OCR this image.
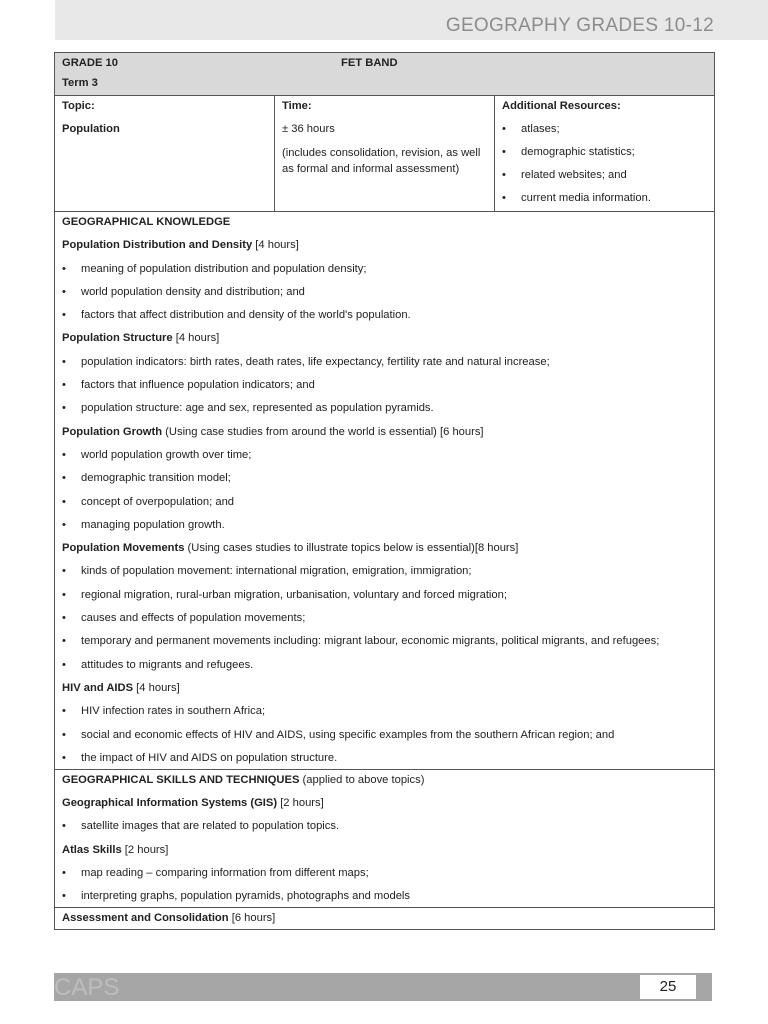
GEOGRAPHY GRADES 10-12
GRADE 10	FET BAND
Term 3

Topic:
Population

Time:
± 36 hours
(includes consolidation, revision, as well as formal and informal assessment)

Additional Resources:
• atlases;
• demographic statistics;
• related websites; and
• current media information.

GEOGRAPHICAL KNOWLEDGE
Population Distribution and Density [4 hours]
• meaning of population distribution and population density;
• world population density and distribution; and
• factors that affect distribution and density of the world's population.
Population Structure [4 hours]
• population indicators: birth rates, death rates, life expectancy, fertility rate and natural increase;
• factors that influence population indicators; and
• population structure: age and sex, represented as population pyramids.
Population Growth (Using case studies from around the world is essential) [6 hours]
• world population growth over time;
• demographic transition model;
• concept of overpopulation; and
• managing population growth.
Population Movements (Using cases studies to illustrate topics below is essential)[8 hours]
• kinds of population movement: international migration, emigration, immigration;
• regional migration, rural-urban migration, urbanisation, voluntary and forced migration;
• causes and effects of population movements;
• temporary and permanent movements including: migrant labour, economic migrants, political migrants, and refugees;
• attitudes to migrants and refugees.
HIV and AIDS [4 hours]
• HIV infection rates in southern Africa;
• social and economic effects of HIV and AIDS, using specific examples from the southern African region; and
• the impact of HIV and AIDS on population structure.

GEOGRAPHICAL SKILLS AND TECHNIQUES (applied to above topics)
Geographical Information Systems (GIS) [2 hours]
• satellite images that are related to population topics.
Atlas Skills [2 hours]
• map reading – comparing information from different maps;
• interpreting graphs, population pyramids, photographs and models

Assessment and Consolidation [6 hours]
CAPS	25
